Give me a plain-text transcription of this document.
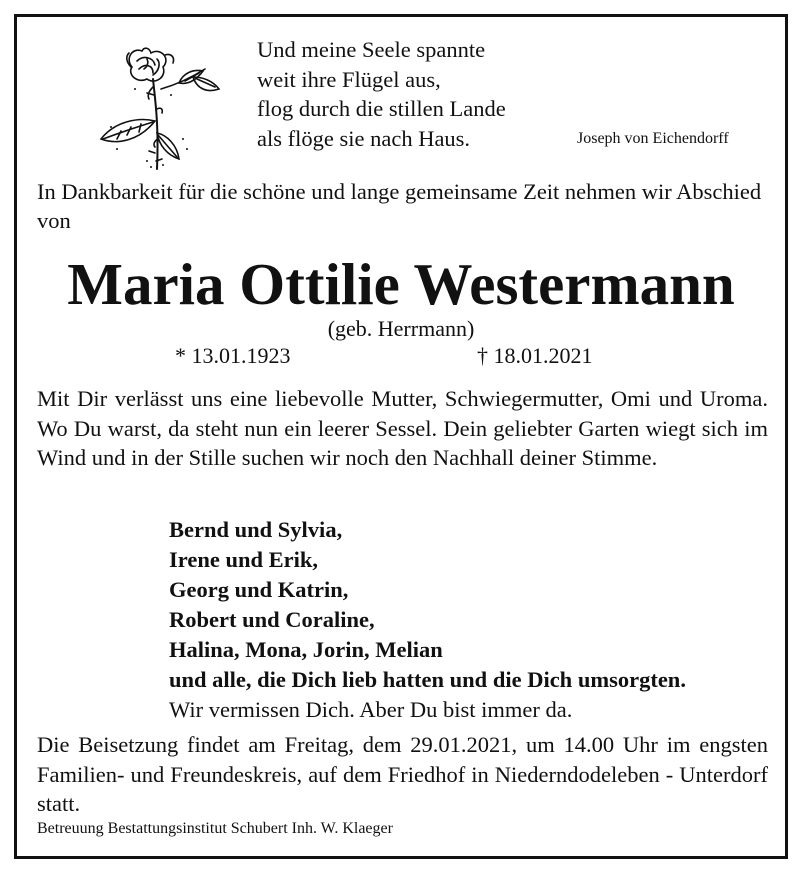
Und meine Seele spannte
weit ihre Flügel aus,
flog durch die stillen Lande
als flöge sie nach Haus.	Joseph von Eichendorff
In Dankbarkeit für die schöne und lange gemeinsame Zeit nehmen wir Abschied von
Maria Ottilie Westermann
(geb. Herrmann)
* 13.01.1923	† 18.01.2021
Mit Dir verlässt uns eine liebevolle Mutter, Schwiegermutter, Omi und Uroma. Wo Du warst, da steht nun ein leerer Sessel. Dein geliebter Garten wiegt sich im Wind und in der Stille suchen wir noch den Nachhall deiner Stimme.
Bernd und Sylvia,
Irene und Erik,
Georg und Katrin,
Robert und Coraline,
Halina, Mona, Jorin, Melian
und alle, die Dich lieb hatten und die Dich umsorgten.
Wir vermissen Dich. Aber Du bist immer da.
Die Beisetzung findet am Freitag, dem 29.01.2021, um 14.00 Uhr im engsten Familien- und Freundeskreis, auf dem Friedhof in Niederndodeleben - Unterdorf statt.
Betreuung Bestattungsinstitut Schubert Inh. W. Klaeger
